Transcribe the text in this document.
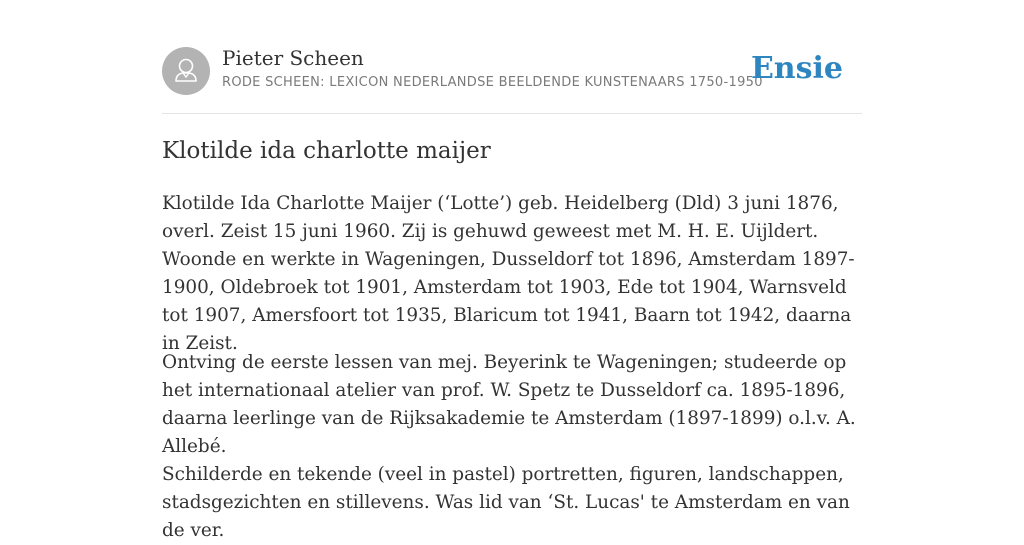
Pieter Scheen
RODE SCHEEN: LEXICON NEDERLANDSE BEELDENDE KUNSTENAARS 1750-1950
Ensie
Klotilde ida charlotte maijer

Klotilde Ida Charlotte Maijer (‘Lotte’) geb. Heidelberg (Dld) 3 juni 1876, overl. Zeist 15 juni 1960. Zij is gehuwd geweest met M. H. E. Uijldert. Woonde en werkte in Wageningen, Dusseldorf tot 1896, Amsterdam 1897-1900, Oldebroek tot 1901, Amsterdam tot 1903, Ede tot 1904, Warnsveld tot 1907, Amersfoort tot 1935, Blaricum tot 1941, Baarn tot 1942, daarna in Zeist.

Ontving de eerste lessen van mej. Beyerink te Wageningen; studeerde op het internationaal atelier van prof. W. Spetz te Dusseldorf ca. 1895-1896, daarna leerlinge van de Rijksakademie te Amsterdam (1897-1899) o.l.v. A. Allebé.

Schilderde en tekende (veel in pastel) portretten, figuren, landschappen, stadsgezichten en stillevens. Was lid van ‘St. Lucas' te Amsterdam en van de ver.
